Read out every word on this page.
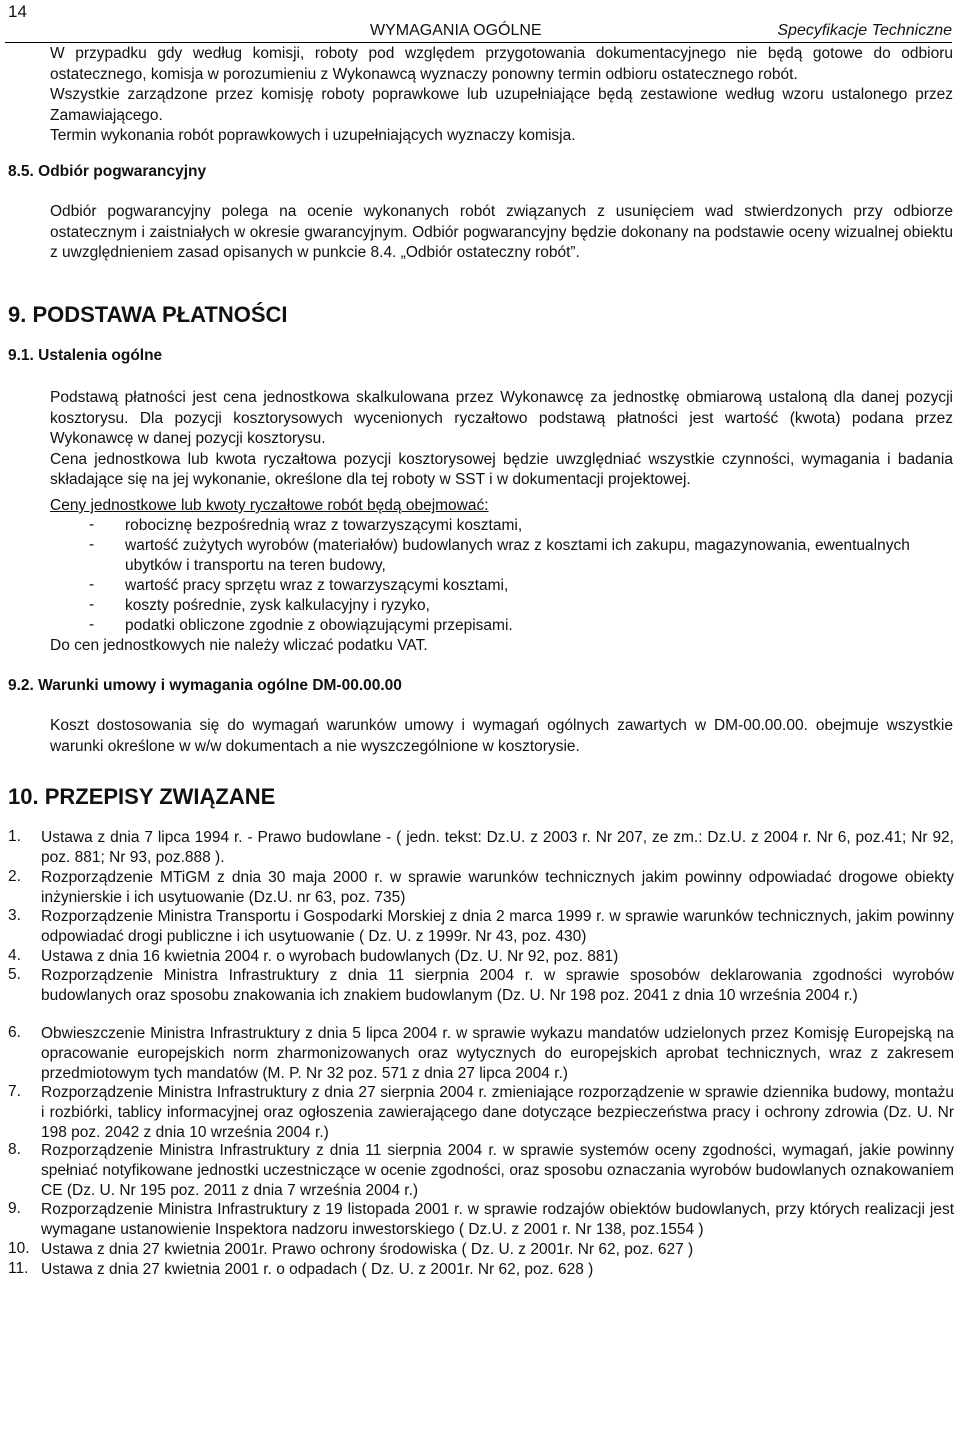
14
WYMAGANIA OGÓLNE	Specyfikacje Techniczne
W przypadku gdy według komisji, roboty pod względem przygotowania dokumentacyjnego nie będą gotowe do odbioru ostatecznego, komisja w porozumieniu z Wykonawcą wyznaczy ponowny termin odbioru ostatecznego robót.
Wszystkie zarządzone przez komisję roboty poprawkowe lub uzupełniające będą zestawione według wzoru ustalonego przez Zamawiającego.
Termin wykonania robót poprawkowych i uzupełniających wyznaczy komisja.
8.5. Odbiór pogwarancyjny
Odbiór pogwarancyjny polega na ocenie wykonanych robót związanych z usunięciem wad stwierdzonych przy odbiorze ostatecznym i zaistniałych w okresie gwarancyjnym. Odbiór pogwarancyjny będzie dokonany na podstawie oceny wizualnej obiektu z uwzględnieniem zasad opisanych w punkcie 8.4. „Odbiór ostateczny robót”.
9. PODSTAWA PŁATNOŚCI
9.1. Ustalenia ogólne
Podstawą płatności jest cena jednostkowa skalkulowana przez Wykonawcę za jednostkę obmiarową ustaloną dla danej pozycji kosztorysu. Dla pozycji kosztorysowych wycenionych ryczałtowo podstawą płatności jest wartość (kwota) podana przez Wykonawcę w danej pozycji kosztorysu.
Cena jednostkowa lub kwota ryczałtowa pozycji kosztorysowej będzie uwzględniać wszystkie czynności, wymagania i badania składające się na jej wykonanie, określone dla tej roboty w SST i w dokumentacji projektowej.
Ceny jednostkowe lub kwoty ryczałtowe robót będą obejmować:
- robociznę bezpośrednią wraz z towarzyszącymi kosztami,
- wartość zużytych wyrobów (materiałów) budowlanych wraz z kosztami ich zakupu, magazynowania, ewentualnych ubytków i transportu na teren budowy,
- wartość pracy sprzętu wraz z towarzyszącymi kosztami,
- koszty pośrednie, zysk kalkulacyjny i ryzyko,
- podatki obliczone zgodnie z obowiązującymi przepisami.
Do cen jednostkowych nie należy wliczać podatku VAT.
9.2. Warunki umowy i wymagania ogólne DM-00.00.00
Koszt dostosowania się do wymagań warunków umowy i wymagań ogólnych zawartych w DM-00.00.00. obejmuje wszystkie warunki określone w w/w dokumentach a nie wyszczególnione w kosztorysie.
10. PRZEPISY ZWIĄZANE
1.	Ustawa z dnia 7 lipca 1994 r. - Prawo budowlane - ( jedn. tekst: Dz.U. z 2003 r. Nr 207, ze zm.: Dz.U. z 2004 r. Nr 6, poz.41; Nr 92, poz. 881; Nr 93, poz.888 ).
2.	Rozporządzenie MTiGM z dnia 30 maja 2000 r. w sprawie warunków technicznych jakim powinny odpowiadać drogowe obiekty inżynierskie i ich usytuowanie (Dz.U. nr 63, poz. 735)
3.	Rozporządzenie Ministra Transportu i Gospodarki Morskiej z dnia 2 marca 1999 r. w sprawie warunków technicznych, jakim powinny odpowiadać drogi publiczne i ich usytuowanie ( Dz. U. z 1999r. Nr 43, poz. 430)
4.	Ustawa z dnia 16 kwietnia 2004 r. o wyrobach budowlanych (Dz. U. Nr 92, poz. 881)
5.	Rozporządzenie Ministra Infrastruktury z dnia 11 sierpnia 2004 r. w sprawie sposobów deklarowania zgodności wyrobów budowlanych oraz sposobu znakowania ich znakiem budowlanym (Dz. U. Nr 198 poz. 2041 z dnia 10 września 2004 r.)
6.	Obwieszczenie Ministra Infrastruktury z dnia 5 lipca 2004 r. w sprawie wykazu mandatów udzielonych przez Komisję Europejską na opracowanie europejskich norm zharmonizowanych oraz wytycznych do europejskich aprobat technicznych, wraz z zakresem przedmiotowym tych mandatów (M. P. Nr 32 poz. 571 z dnia 27 lipca 2004 r.)
7.	Rozporządzenie Ministra Infrastruktury z dnia 27 sierpnia 2004 r. zmieniające rozporządzenie w sprawie dziennika budowy, montażu i rozbiórki, tablicy informacyjnej oraz ogłoszenia zawierającego dane dotyczące bezpieczeństwa pracy i ochrony zdrowia (Dz. U. Nr 198 poz. 2042 z dnia 10 września 2004 r.)
8.	Rozporządzenie Ministra Infrastruktury z dnia 11 sierpnia 2004 r. w sprawie systemów oceny zgodności, wymagań, jakie powinny spełniać notyfikowane jednostki uczestniczące w ocenie zgodności, oraz sposobu oznaczania wyrobów budowlanych oznakowaniem CE (Dz. U. Nr 195 poz. 2011 z dnia 7 września 2004 r.)
9.	Rozporządzenie Ministra Infrastruktury z 19 listopada 2001 r. w sprawie rodzajów obiektów budowlanych, przy których realizacji jest wymagane ustanowienie Inspektora nadzoru inwestorskiego ( Dz.U. z 2001 r. Nr 138, poz.1554 )
10. Ustawa z dnia 27 kwietnia 2001r. Prawo ochrony środowiska ( Dz. U. z 2001r. Nr 62, poz. 627 )
11. Ustawa z dnia 27 kwietnia 2001 r. o odpadach ( Dz. U. z 2001r. Nr 62, poz. 628 )
